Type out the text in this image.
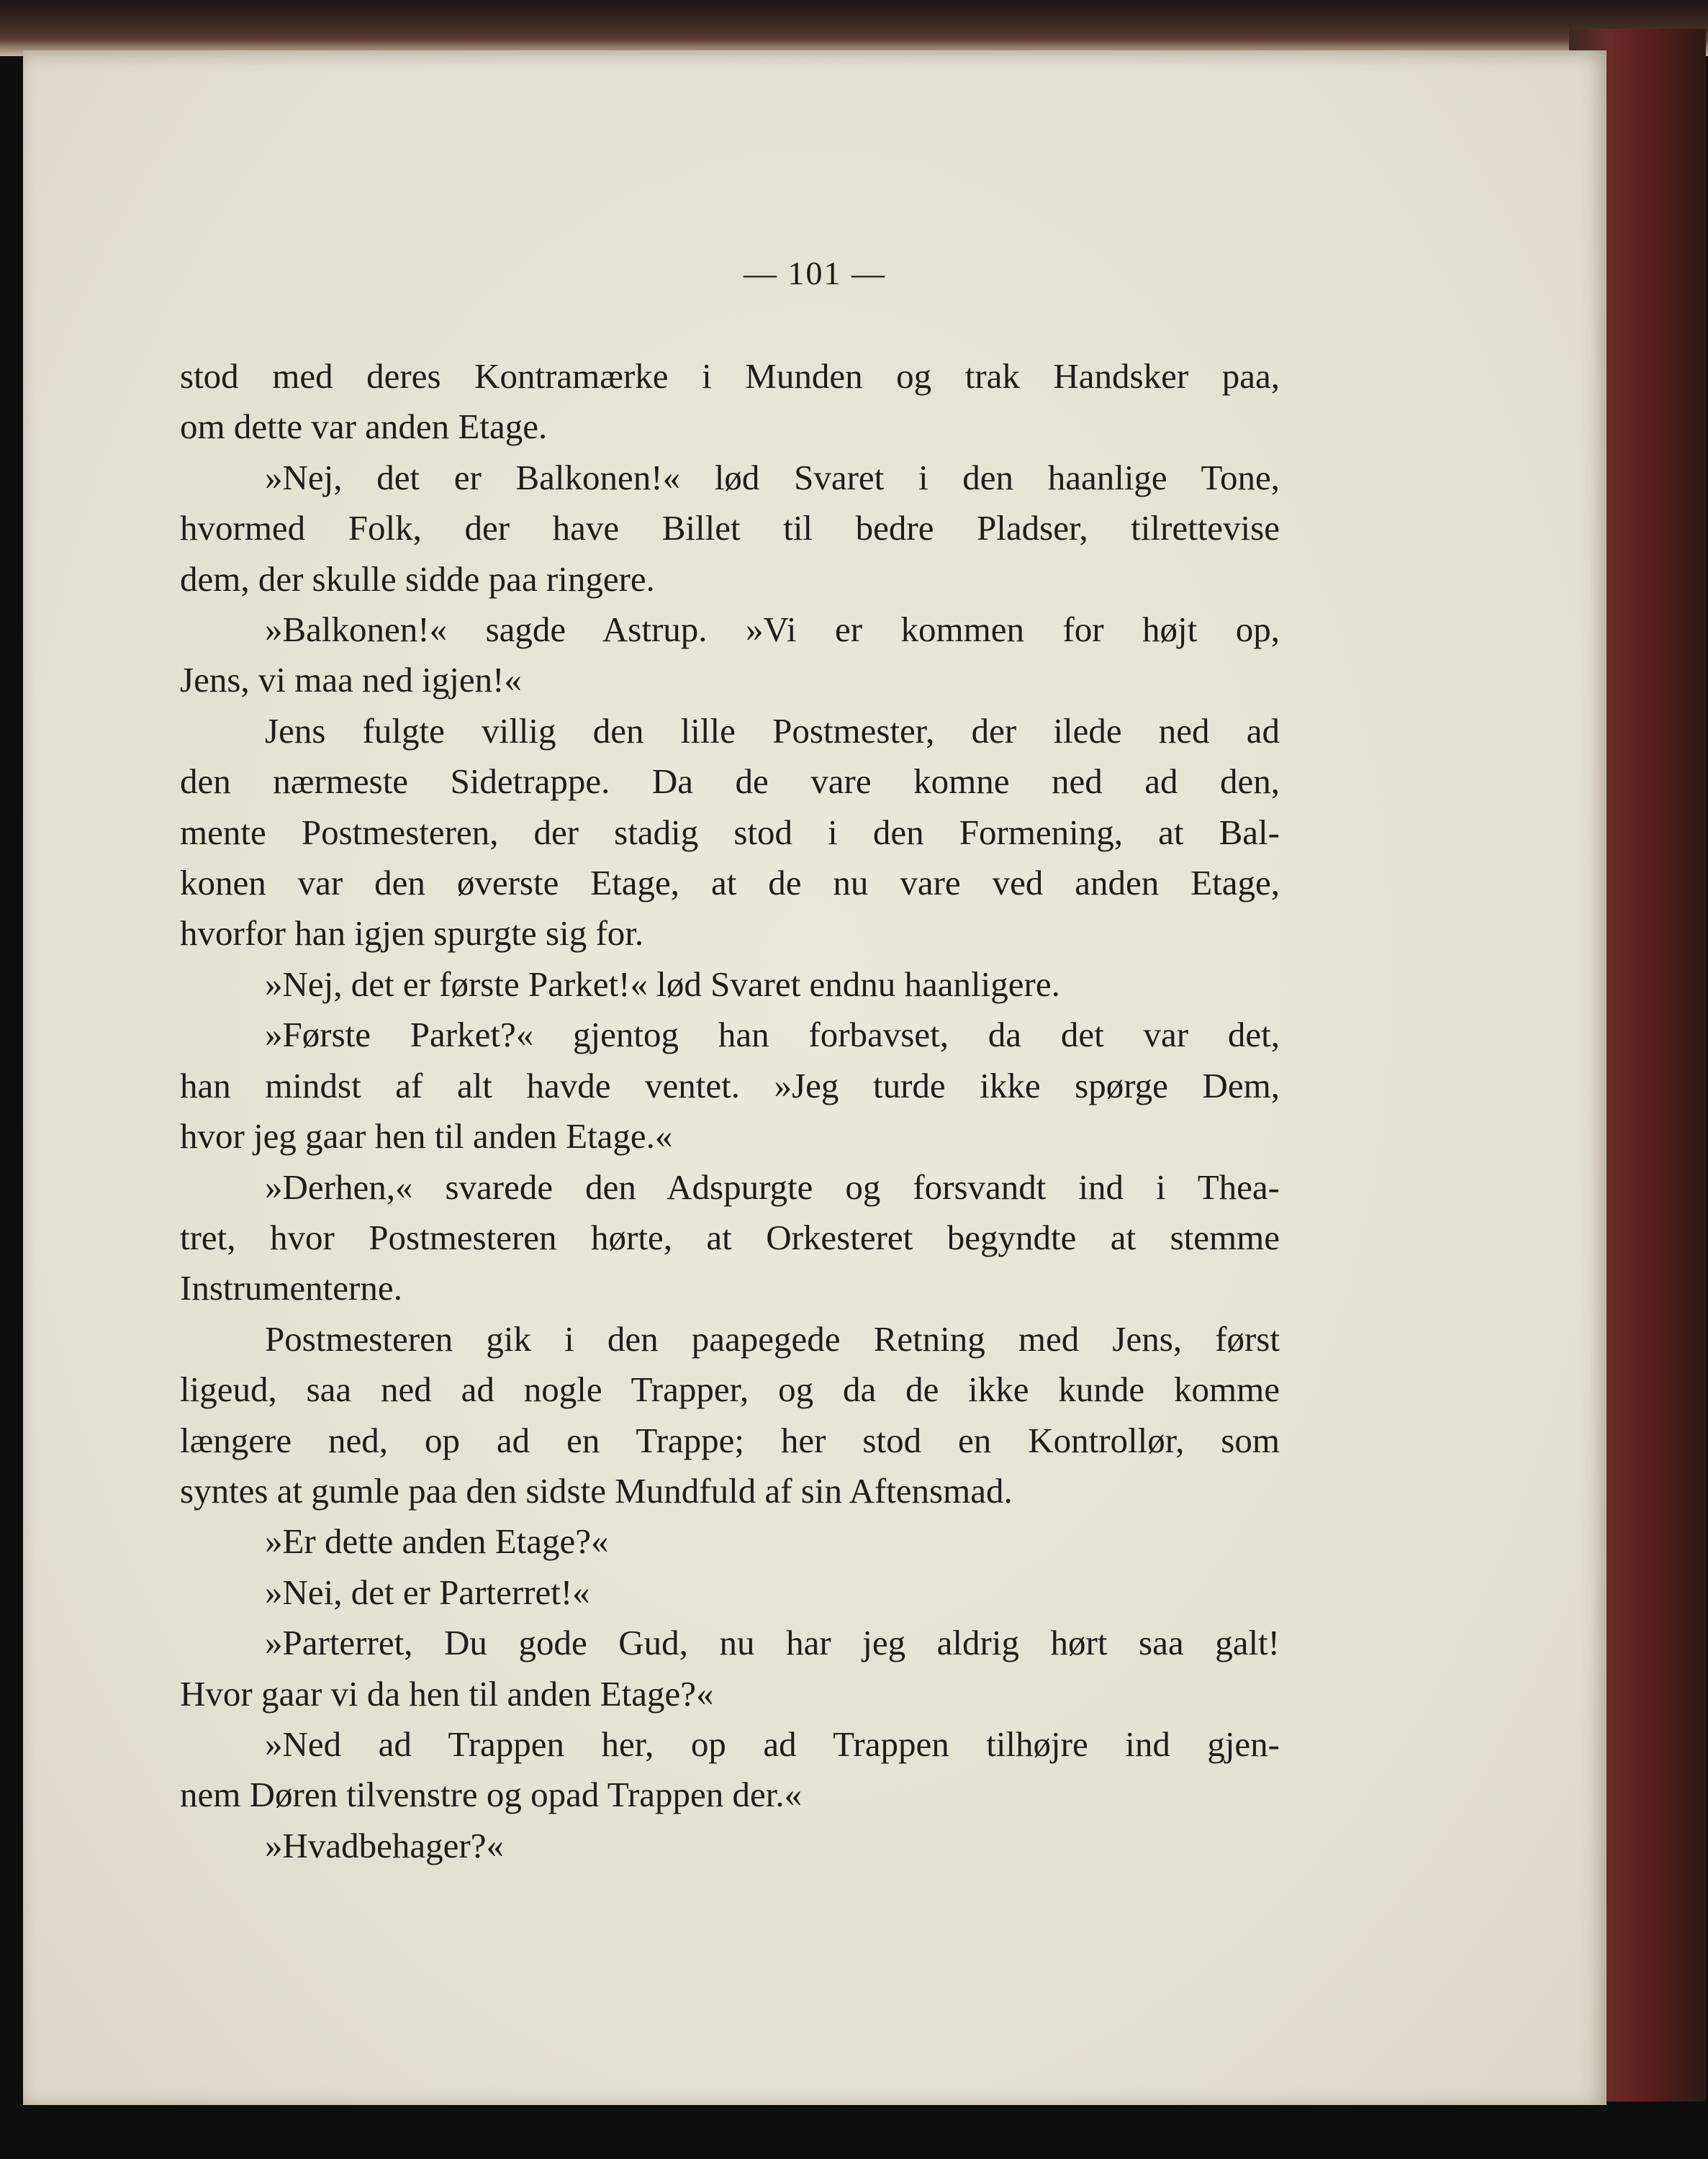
— 101 —

stod med deres Kontramærke i Munden og trak Handsker paa,
om dette var anden Etage.

»Nej, det er Balkonen!« lød Svaret i den haanlige Tone,
hvormed Folk, der have Billet til bedre Pladser, tilrettevise
dem, der skulle sidde paa ringere.

»Balkonen!« sagde Astrup. »Vi er kommen for højt op,
Jens, vi maa ned igjen!«

Jens fulgte villig den lille Postmester, der ilede ned ad
den nærmeste Sidetrappe. Da de vare komne ned ad den,
mente Postmesteren, der stadig stod i den Formening, at Bal-
konen var den øverste Etage, at de nu vare ved anden Etage,
hvorfor han igjen spurgte sig for.

»Nej, det er første Parket!« lød Svaret endnu haanligere.

»Første Parket?« gjentog han forbavset, da det var det,
han mindst af alt havde ventet. »Jeg turde ikke spørge Dem,
hvor jeg gaar hen til anden Etage.«

»Derhen,« svarede den Adspurgte og forsvandt ind i Thea-
tret, hvor Postmesteren hørte, at Orkesteret begyndte at stemme
Instrumenterne.

Postmesteren gik i den paapegede Retning med Jens, først
ligeud, saa ned ad nogle Trapper, og da de ikke kunde komme
længere ned, op ad en Trappe; her stod en Kontrollør, som
syntes at gumle paa den sidste Mundfuld af sin Aftensmad.

»Er dette anden Etage?«

»Nei, det er Parterret!«

»Parterret, Du gode Gud, nu har jeg aldrig hørt saa galt!
Hvor gaar vi da hen til anden Etage?«

»Ned ad Trappen her, op ad Trappen tilhøjre ind gjen-
nem Døren tilvenstre og opad Trappen der.«

»Hvadbehager?«
